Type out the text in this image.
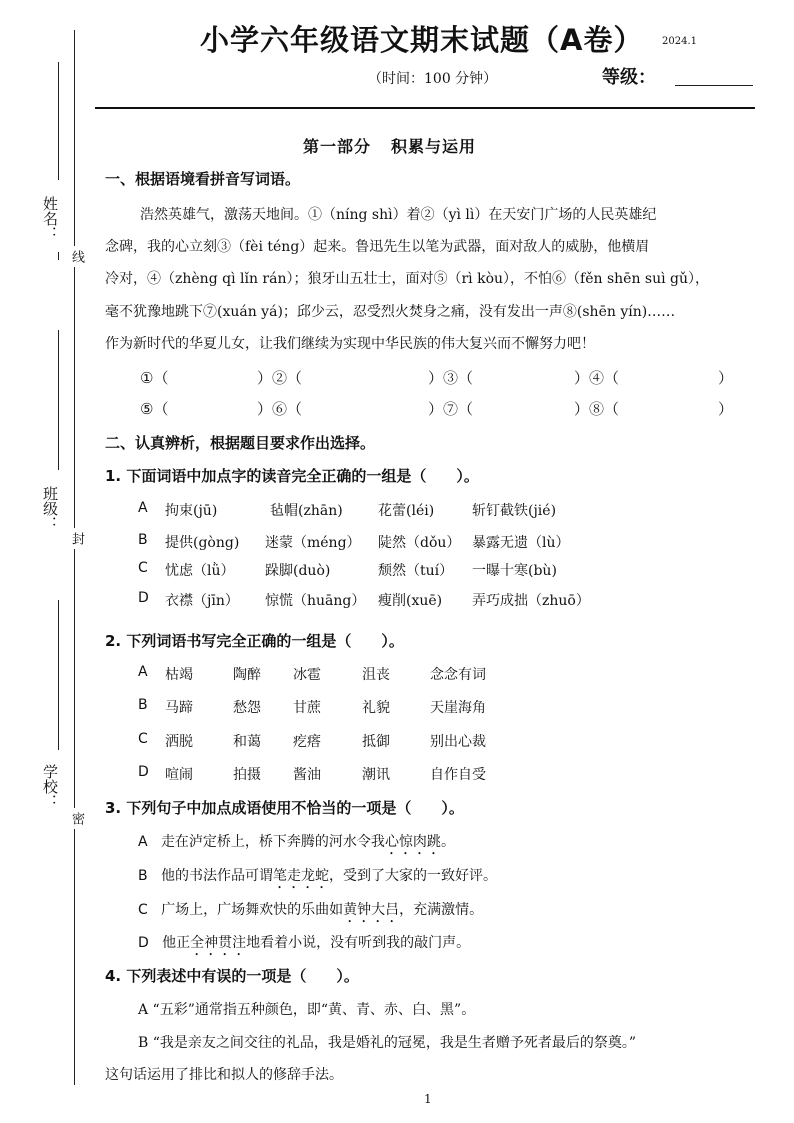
姓名：
线
班级：
封
学校：
密
小学六年级语文期末试题（A卷） 2024.1
（时间：100 分钟）	等级：
第一部分 积累与运用
一、根据语境看拼音写词语。
浩然英雄气，激荡天地间。①（níng shì）着②（yì lì）在天安门广场的人民英雄纪
念碑，我的心立刻③（fèi téng）起来。鲁迅先生以笔为武器，面对敌人的威胁，他横眉
冷对，④（zhèng qì lǐn rán）；狼牙山五壮士，面对⑤（rì kòu），不怕⑥（fěn shēn suì gǔ），
毫不犹豫地跳下⑦(xuán yá)；邱少云，忍受烈火焚身之痛，没有发出一声⑧(shēn yín)……
作为新时代的华夏儿女，让我们继续为实现中华民族的伟大复兴而不懈努力吧！
①（	）②（	）③（	）④（	）
⑤（	）⑥（	）⑦（	）⑧（	）
二、认真辨析，根据题目要求作出选择。
1. 下面词语中加点字的读音完全正确的一组是（　　）。
A 拘束(jū)	毡帽(zhān)	花蕾(léi)	斩钉截铁(jié)
B 提供(gòng) 迷蒙（méng） 陡然（dǒu） 暴露无遗（lù）
C 忧虑（lǜ） 跺脚(duò)	颓然（tuí） 一曝十寒(bù)
D 衣襟（jīn） 惊慌（huāng） 瘦削(xuē) 弄巧成拙（zhuō）
2. 下列词语书写完全正确的一组是（　　）。
A 枯竭	陶醉 冰雹	沮丧	念念有词
B 马蹄	愁怨 甘蔗	礼貌	天崖海角
C 洒脱	和蔼 疙瘩	抵御	别出心裁
D 喧闹	拍摄 酱油	潮讯	自作自受
3. 下列句子中加点成语使用不恰当的一项是（　　）。
A 走在泸定桥上，桥下奔腾的河水令我心惊肉跳。
B 他的书法作品可谓笔走龙蛇，受到了大家的一致好评。
C 广场上，广场舞欢快的乐曲如黄钟大吕，充满激情。
D 他正全神贯注地看着小说，没有听到我的敲门声。
4. 下列表述中有误的一项是（　　）。
A “五彩”通常指五种颜色，即“黄、青、赤、白、黑”。
B “我是亲友之间交往的礼品，我是婚礼的冠冕，我是生者赠予死者最后的祭奠。”
这句话运用了排比和拟人的修辞手法。
1
